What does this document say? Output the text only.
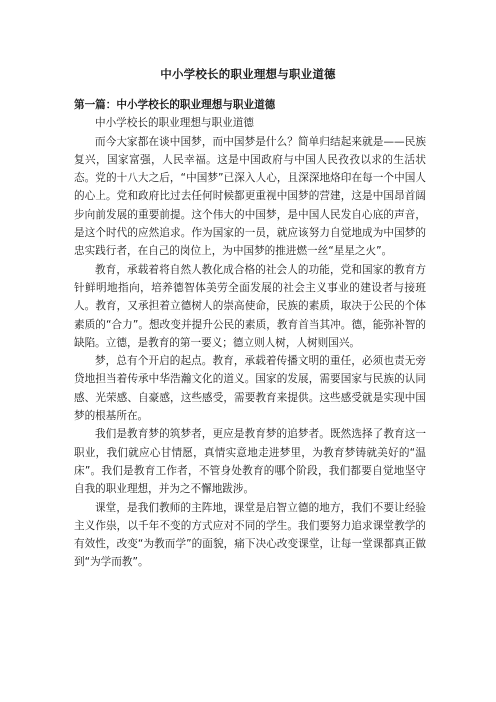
中小学校长的职业理想与职业道德

第一篇：中小学校长的职业理想与职业道德

中小学校长的职业理想与职业道德

而今大家都在谈中国梦，而中国梦是什么？简单归结起来就是——民族复兴，国家富强，人民幸福。这是中国政府与中国人民孜孜以求的生活状态。党的十八大之后，“中国梦”已深入人心，且深深地烙印在每一个中国人的心上。党和政府比过去任何时候都更重视中国梦的营建，这是中国昂首阔步向前发展的重要前提。这个伟大的中国梦，是中国人民发自心底的声音，是这个时代的应然追求。作为国家的一员，就应该努力自觉地成为中国梦的忠实践行者，在自己的岗位上，为中国梦的推进燃一丝“星星之火”。

教育，承载着将自然人教化成合格的社会人的功能，党和国家的教育方针鲜明地指向，培养德智体美劳全面发展的社会主义事业的建设者与接班人。教育，又承担着立德树人的崇高使命，民族的素质，取决于公民的个体素质的“合力”。想改变并提升公民的素质，教育首当其冲。德，能弥补智的缺陷。立德，是教育的第一要义；德立则人树，人树则国兴。

梦，总有个开启的起点。教育，承载着传播文明的重任，必须也责无旁贷地担当着传承中华浩瀚文化的道义。国家的发展，需要国家与民族的认同感、光荣感、自豪感，这些感受，需要教育来提供。这些感受就是实现中国梦的根基所在。

我们是教育梦的筑梦者，更应是教育梦的追梦者。既然选择了教育这一职业，我们就应心甘情愿，真情实意地走进梦里，为教育梦铸就美好的“温床”。我们是教育工作者，不管身处教育的哪个阶段，我们都要自觉地坚守自我的职业理想，并为之不懈地跋涉。

课堂，是我们教师的主阵地，课堂是启智立德的地方，我们不要让经验主义作祟，以千年不变的方式应对不同的学生。我们要努力追求课堂教学的有效性，改变“为教而学”的面貌，痛下决心改变课堂，让每一堂课都真正做到“为学而教”。
